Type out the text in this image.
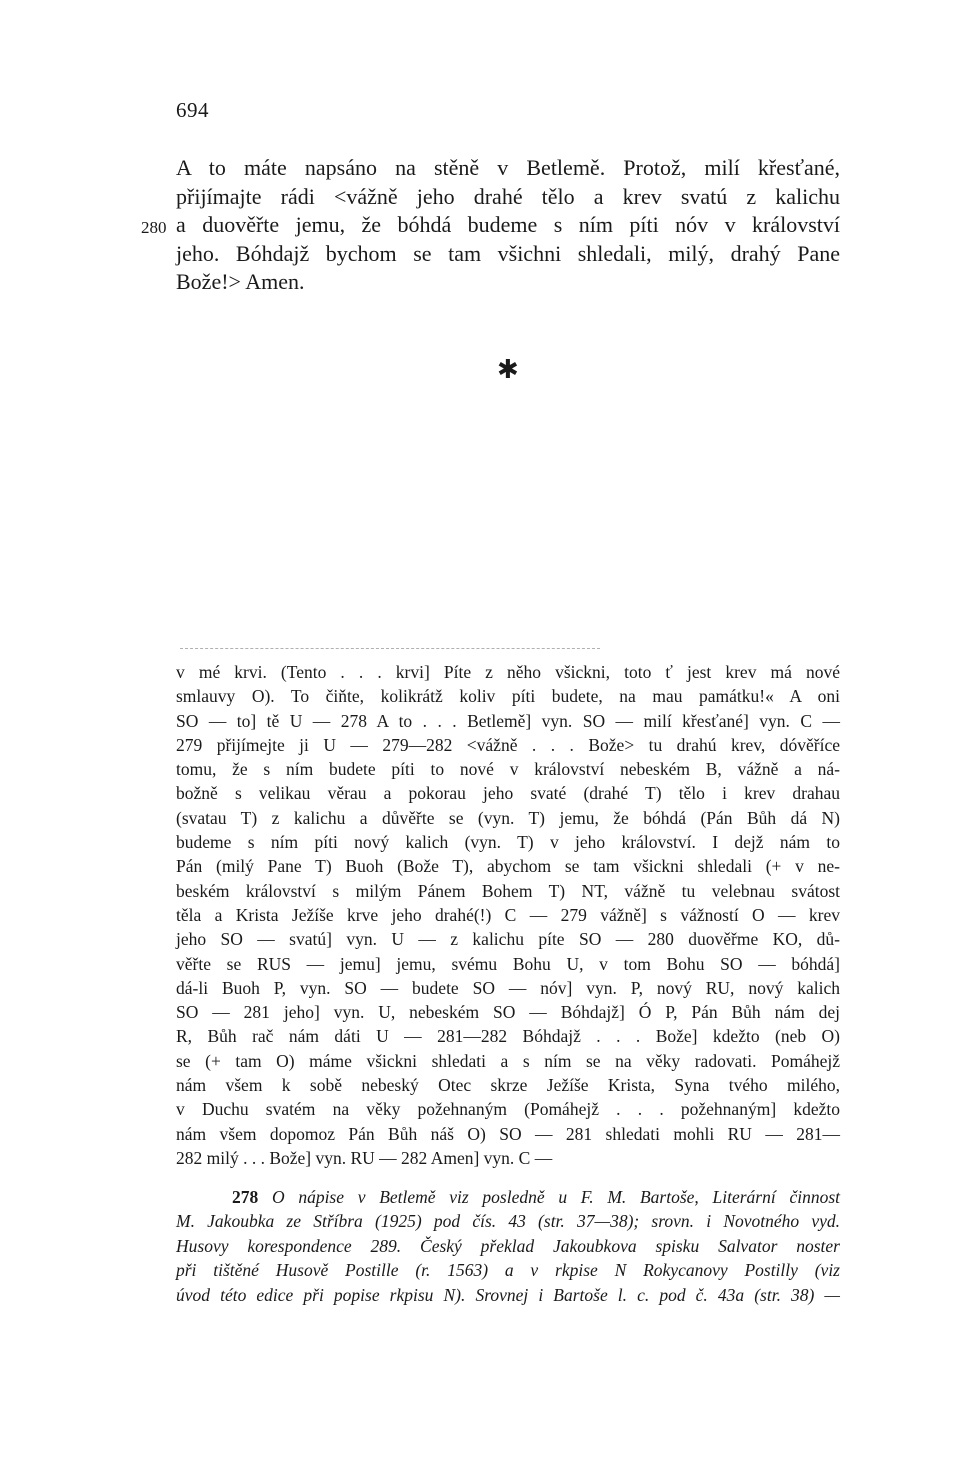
694
A to máte napsáno na stěně v Betlemě. Protož, milí křesťané,
přijímajte rádi <vážně jeho drahé tělo a krev svatú z kalichu
280 a duověřte jemu, že bóhdá budeme s ním píti nóv v království
jeho. Bóhdajž bychom se tam všichni shledali, milý, drahý Pane
Bože!> Amen.
✱
v mé krvi. (Tento . . . krvi] Píte z něho všickni, toto ť jest krev má nové
smlauvy O). To čiňte, kolikrátž koliv píti budete, na mau památku!« A oni
SO — to] tě U — 278 A to . . . Betlemě] vyn. SO — milí křesťané] vyn. C —
279 přijímejte ji U — 279—282 <vážně . . . Bože> tu drahú krev, dóvěříce
tomu, že s ním budete píti to nové v království nebeském B, vážně a ná-
božně s velikau věrau a pokorau jeho svaté (drahé T) tělo i krev drahau
(svatau T) z kalichu a důvěřte se (vyn. T) jemu, že bóhdá (Pán Bůh dá N)
budeme s ním píti nový kalich (vyn. T) v jeho království. I dejž nám to
Pán (milý Pane T) Buoh (Bože T), abychom se tam všickni shledali (+ v ne-
beském království s milým Pánem Bohem T) NT, vážně tu velebnau svátost
těla a Krista Ježíše krve jeho drahé(!) C — 279 vážně] s vážností O — krev
jeho SO — svatú] vyn. U — z kalichu píte SO — 280 duověřme KO, dů-
věřte se RUS — jemu] jemu, svému Bohu U, v tom Bohu SO — bóhdá]
dá-li Buoh P, vyn. SO — budete SO — nóv] vyn. P, nový RU, nový kalich
SO — 281 jeho] vyn. U, nebeském SO — Bóhdajž] Ó P, Pán Bůh nám dej
R, Bůh rač nám dáti U — 281—282 Bóhdajž . . . Bože] kdežto (neb O)
se (+ tam O) máme všickni shledati a s ním se na věky radovati. Pomáhejž
nám všem k sobě nebeský Otec skrze Ježíše Krista, Syna tvého milého,
v Duchu svatém na věky požehnaným (Pomáhejž . . . požehnaným] kdežto
nám všem dopomoz Pán Bůh náš O) SO — 281 shledati mohli RU — 281—
282 milý . . . Bože] vyn. RU — 282 Amen] vyn. C —
278 O nápise v Betlemě viz posledně u F. M. Bartoše, Literární činnost
M. Jakoubka ze Stříbra (1925) pod čís. 43 (str. 37—38); srovn. i Novotného vyd.
Husovy korespondence 289. Český překlad Jakoubkova spisku Salvator noster
při tištěné Husově Postille (r. 1563) a v rkpise N Rokycanovy Postilly (viz
úvod této edice při popise rkpisu N). Srovnej i Bartoše l. c. pod č. 43a (str. 38) —
